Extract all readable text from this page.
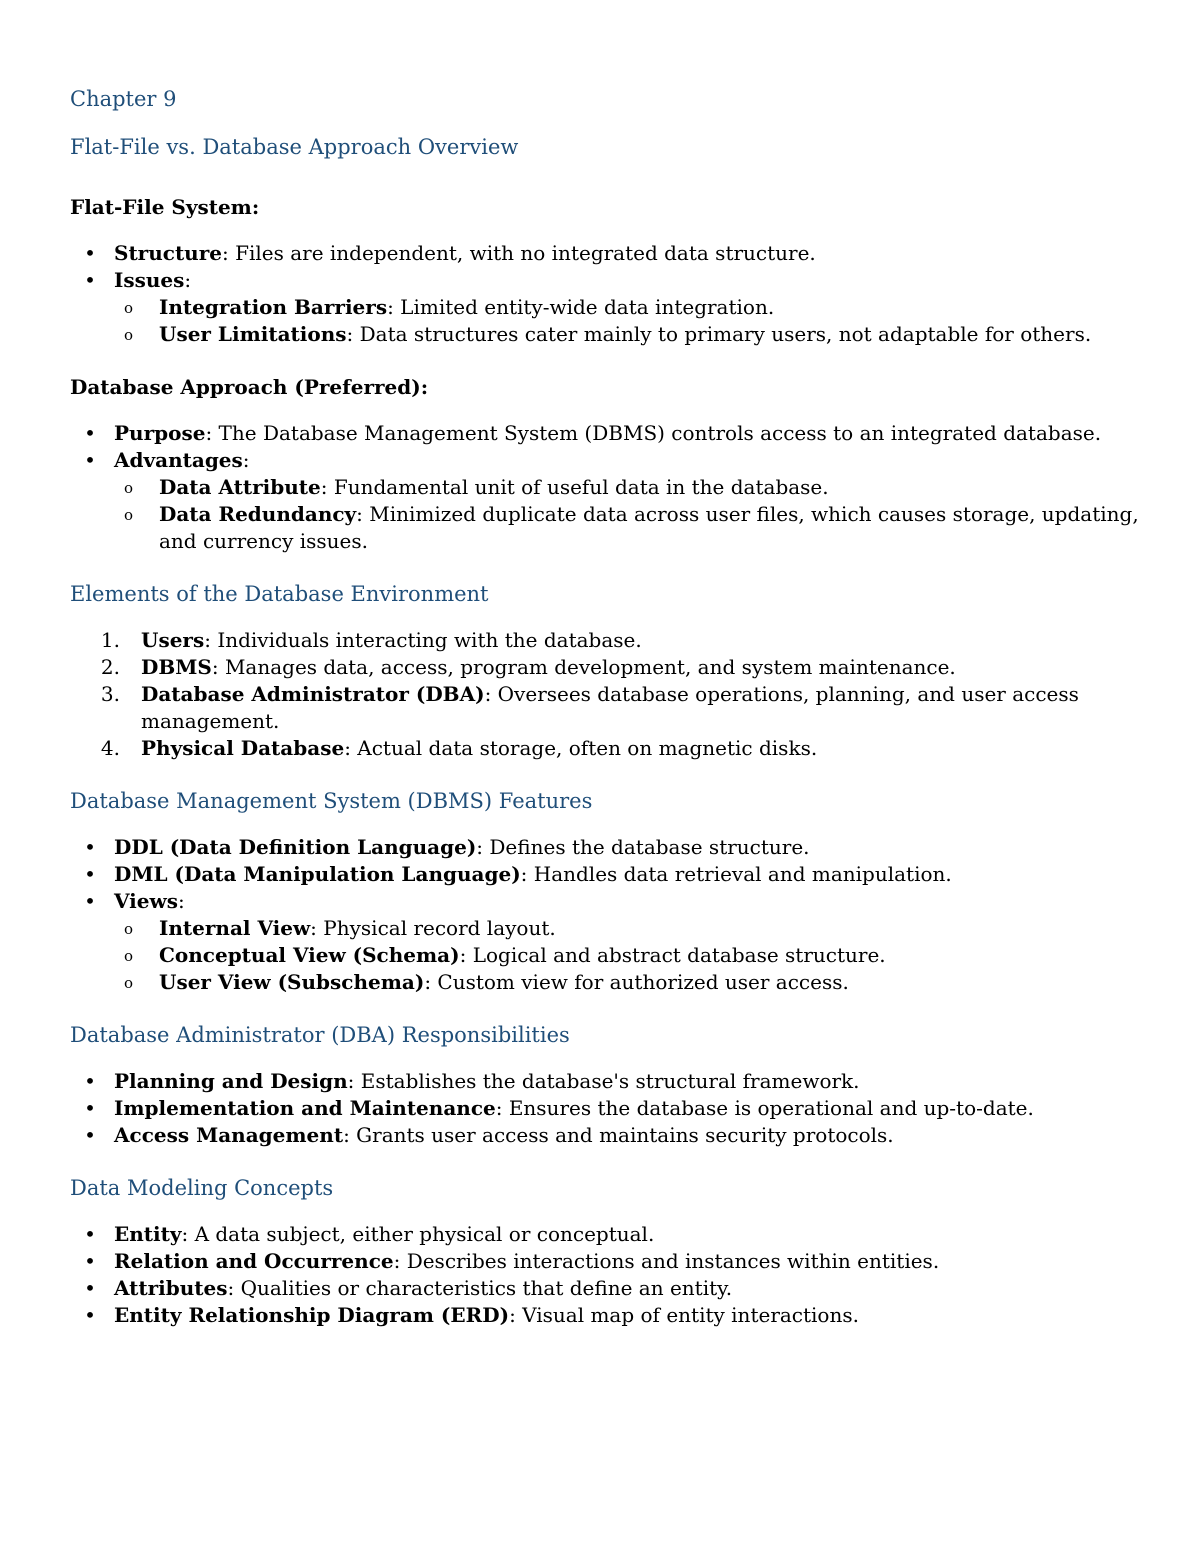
Chapter 9
Flat-File vs. Database Approach Overview
Flat-File System:
• Structure: Files are independent, with no integrated data structure.
• Issues:
o Integration Barriers: Limited entity-wide data integration.
o User Limitations: Data structures cater mainly to primary users, not adaptable for others.
Database Approach (Preferred):
• Purpose: The Database Management System (DBMS) controls access to an integrated database.
• Advantages:
o Data Attribute: Fundamental unit of useful data in the database.
o Data Redundancy: Minimized duplicate data across user files, which causes storage, updating, and currency issues.
Elements of the Database Environment
1. Users: Individuals interacting with the database.
2. DBMS: Manages data, access, program development, and system maintenance.
3. Database Administrator (DBA): Oversees database operations, planning, and user access management.
4. Physical Database: Actual data storage, often on magnetic disks.
Database Management System (DBMS) Features
• DDL (Data Definition Language): Defines the database structure.
• DML (Data Manipulation Language): Handles data retrieval and manipulation.
• Views:
o Internal View: Physical record layout.
o Conceptual View (Schema): Logical and abstract database structure.
o User View (Subschema): Custom view for authorized user access.
Database Administrator (DBA) Responsibilities
• Planning and Design: Establishes the database's structural framework.
• Implementation and Maintenance: Ensures the database is operational and up-to-date.
• Access Management: Grants user access and maintains security protocols.
Data Modeling Concepts
• Entity: A data subject, either physical or conceptual.
• Relation and Occurrence: Describes interactions and instances within entities.
• Attributes: Qualities or characteristics that define an entity.
• Entity Relationship Diagram (ERD): Visual map of entity interactions.
